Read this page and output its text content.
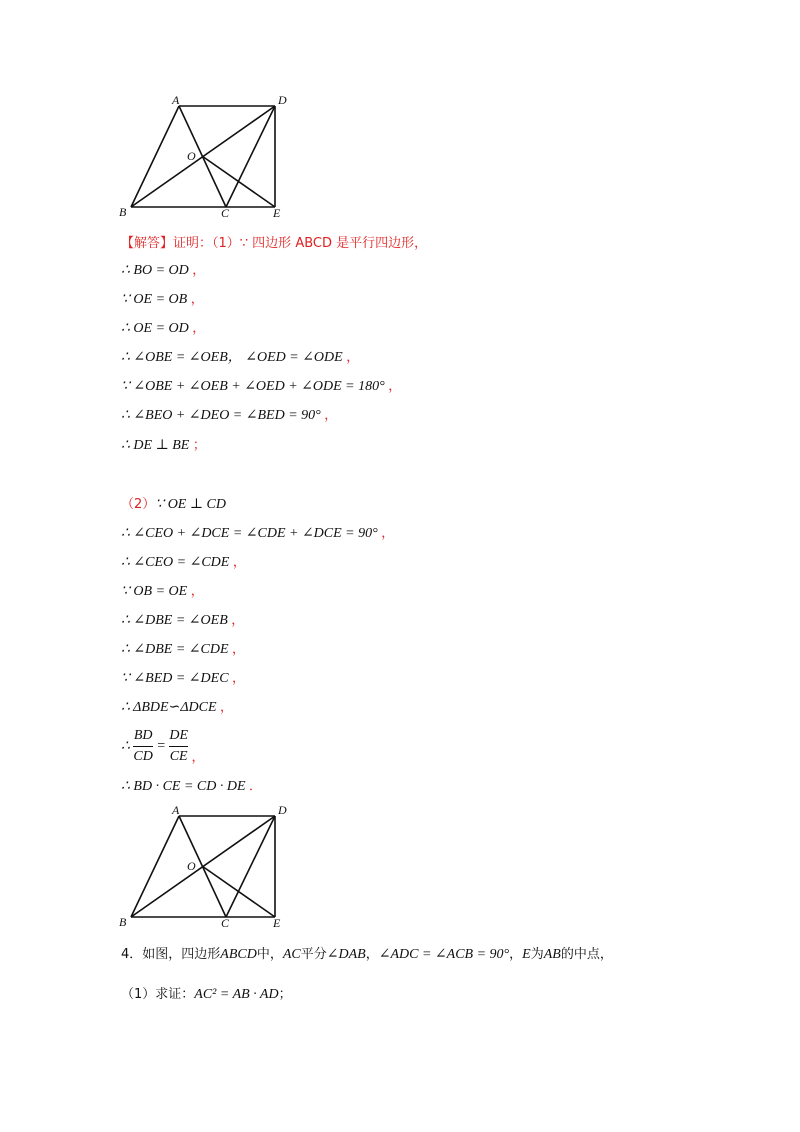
A	D
O
B	C	E
【解答】证明：（1）∵ 四边形 ABCD 是平行四边形，
∴ BO = OD ，
∵ OE = OB ，
∴ OE = OD ，
∴ ∠OBE = ∠OEB， ∠OED = ∠ODE ，
∵ ∠OBE + ∠OEB + ∠OED + ∠ODE = 180° ，
∴ ∠BEO + ∠DEO = ∠BED = 90° ，
∴ DE ⊥ BE ；
（2）∵ OE ⊥ CD
∴ ∠CEO + ∠DCE = ∠CDE + ∠DCE = 90° ，
∴ ∠CEO = ∠CDE ，
∵ OB = OE ，
∴ ∠DBE = ∠OEB ，
∴ ∠DBE = ∠CDE ，
∵ ∠BED = ∠DEC ，
∴ ΔBDE∽ΔDCE ，
∴ $\frac{BD}{CD} = \frac{DE}{CE}$ ，
∴ BD · CE = CD · DE ．
A	D
O
B	C	E
4．如图，四边形ABCD中，AC平分∠DAB，∠ADC = ∠ACB = 90°，E为AB的中点，
（1）求证：AC² = AB · AD；
